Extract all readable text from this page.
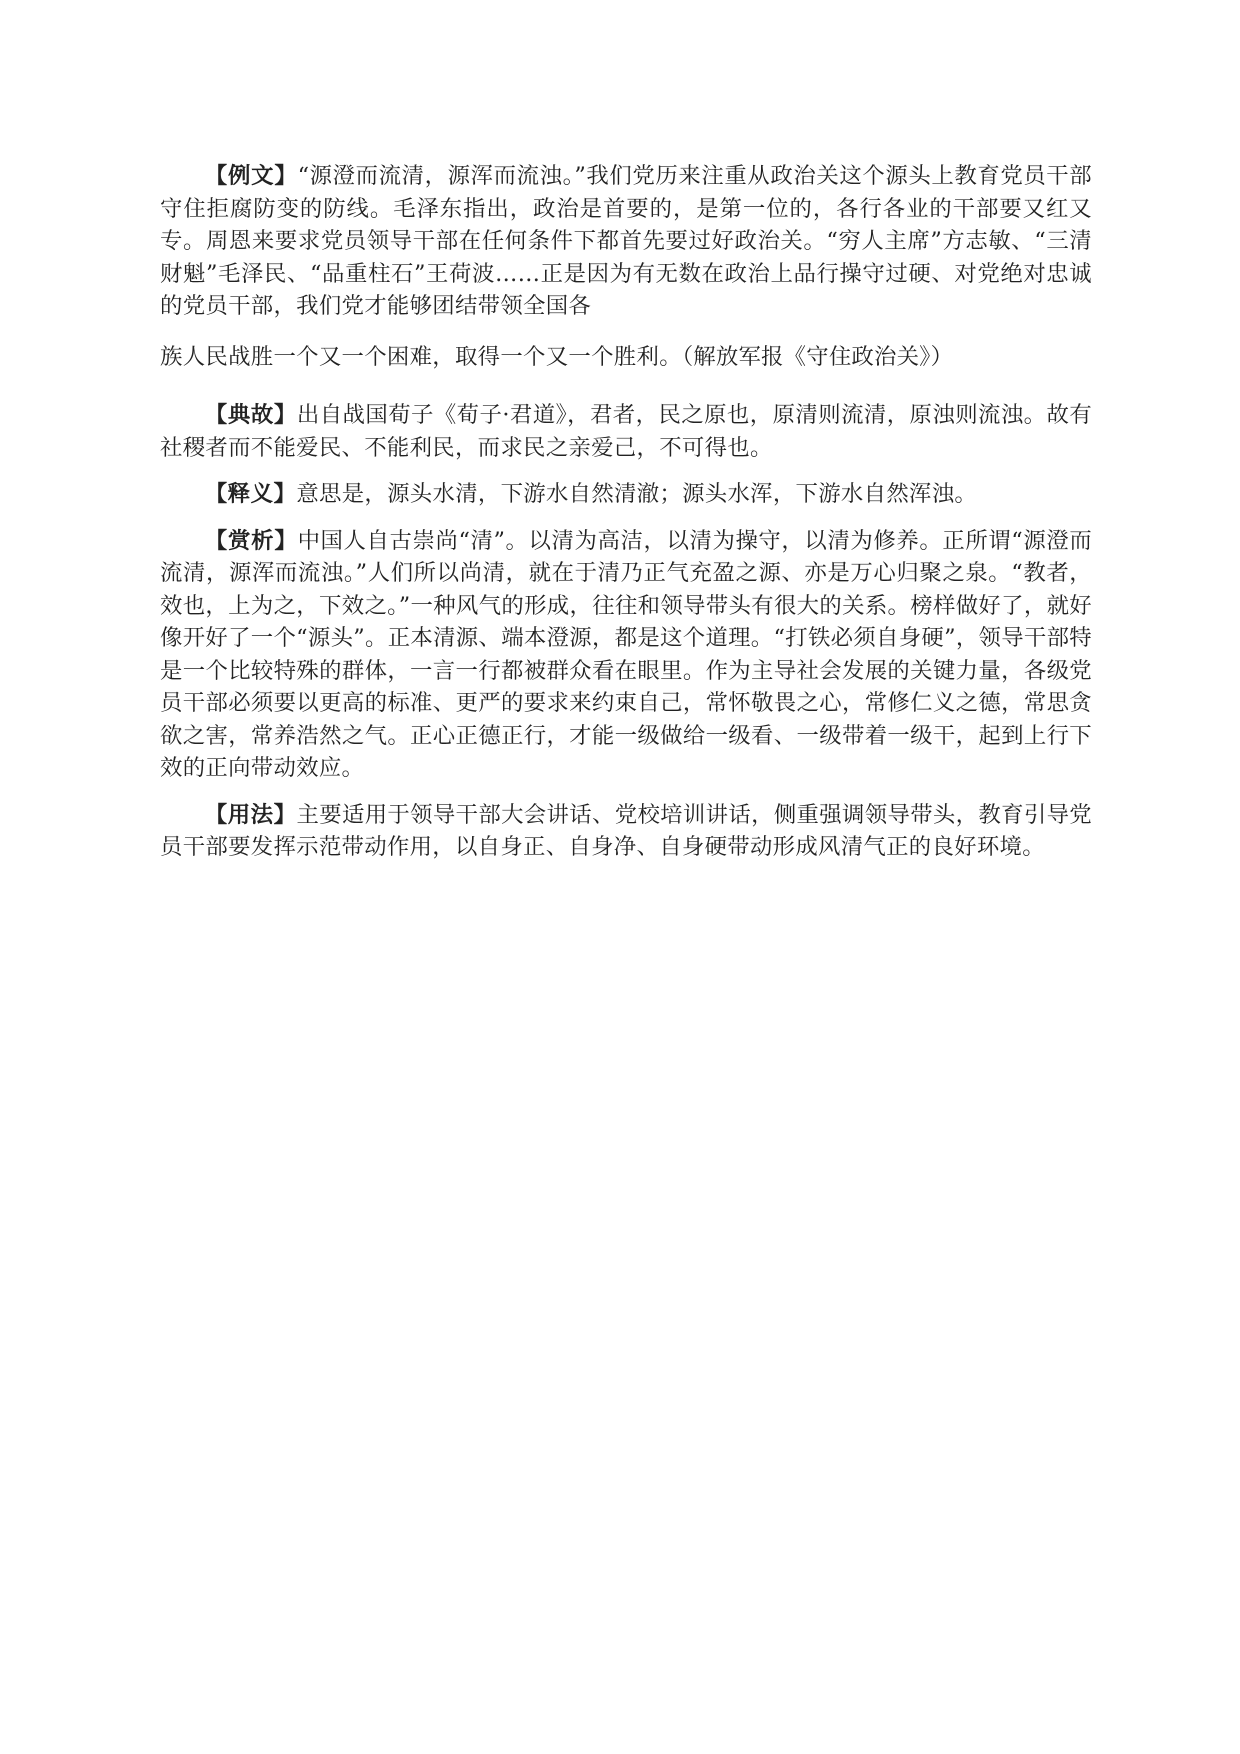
【例文】“源澄而流清，源浑而流浊。”我们党历来注重从政治关这个源头上教育党员干部守住拒腐防变的防线。毛泽东指出，政治是首要的，是第一位的，各行各业的干部要又红又专。周恩来要求党员领导干部在任何条件下都首先要过好政治关。“穷人主席”方志敏、“三清财魁”毛泽民、“品重柱石”王荷波……正是因为有无数在政治上品行操守过硬、对党绝对忠诚的党员干部，我们党才能够团结带领全国各
族人民战胜一个又一个困难，取得一个又一个胜利。（解放军报《守住政治关》）

【典故】出自战国荀子《荀子·君道》，君者，民之原也，原清则流清，原浊则流浊。故有社稷者而不能爱民、不能利民，而求民之亲爱己，不可得也。

【释义】意思是，源头水清，下游水自然清澈；源头水浑，下游水自然浑浊。

【赏析】中国人自古崇尚“清”。以清为高洁，以清为操守，以清为修养。正所谓“源澄而流清，源浑而流浊。”人们所以尚清，就在于清乃正气充盈之源、亦是万心归聚之泉。“教者，效也，上为之，下效之。”一种风气的形成，往往和领导带头有很大的关系。榜样做好了，就好像开好了一个“源头”。正本清源、端本澄源，都是这个道理。“打铁必须自身硬”，领导干部特是一个比较特殊的群体，一言一行都被群众看在眼里。作为主导社会发展的关键力量，各级党员干部必须要以更高的标准、更严的要求来约束自己，常怀敬畏之心，常修仁义之德，常思贪欲之害，常养浩然之气。正心正德正行，才能一级做给一级看、一级带着一级干，起到上行下效的正向带动效应。

【用法】主要适用于领导干部大会讲话、党校培训讲话，侧重强调领导带头，教育引导党员干部要发挥示范带动作用，以自身正、自身净、自身硬带动形成风清气正的良好环境。
